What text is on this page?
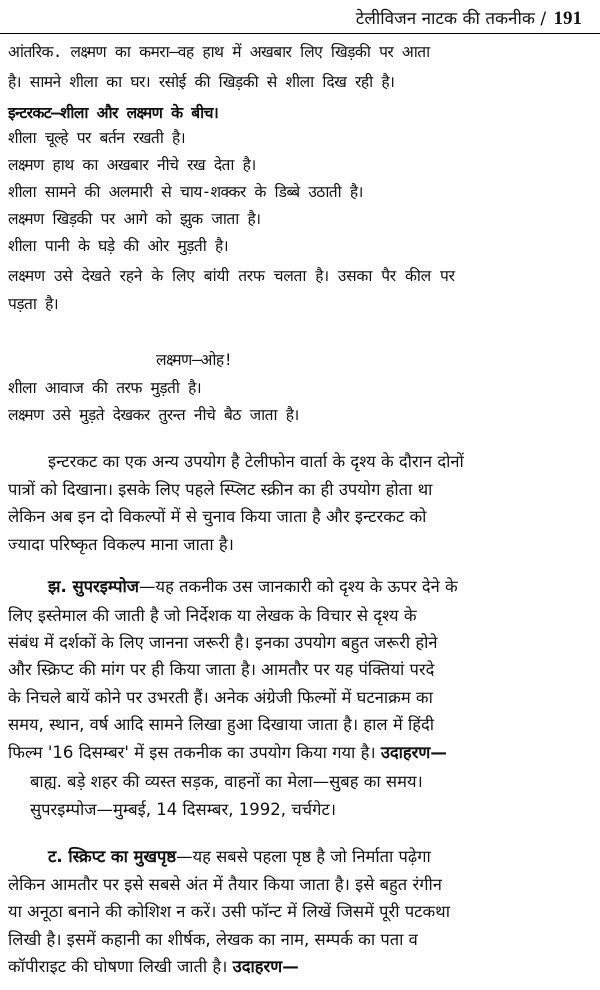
टेलीविजन नाटक की तकनीक / 191
आंतरिक. लक्ष्मण का कमरा—वह हाथ में अखबार लिए खिड़की पर आता
है। सामने शीला का घर। रसोई की खिड़की से शीला दिख रही है।
इन्टरकट—शीला और लक्ष्मण के बीच।
शीला चूल्हे पर बर्तन रखती है।
लक्ष्मण हाथ का अखबार नीचे रख देता है।
शीला सामने की अलमारी से चाय-शक्कर के डिब्बे उठाती है।
लक्ष्मण खिड़की पर आगे को झुक जाता है।
शीला पानी के घड़े की ओर मुड़ती है।
लक्ष्मण उसे देखते रहने के लिए बांयी तरफ चलता है। उसका पैर कील पर
पड़ता है।
लक्ष्मण—ओह!
शीला आवाज की तरफ मुड़ती है।
लक्ष्मण उसे मुड़ते देखकर तुरन्त नीचे बैठ जाता है।
इन्टरकट का एक अन्य उपयोग है टेलीफोन वार्ता के दृश्य के दौरान दोनों
पात्रों को दिखाना। इसके लिए पहले स्प्लिट स्क्रीन का ही उपयोग होता था
लेकिन अब इन दो विकल्पों में से चुनाव किया जाता है और इन्टरकट को
ज्यादा परिष्कृत विकल्प माना जाता है।
झ. सुपरइम्पोज—यह तकनीक उस जानकारी को दृश्य के ऊपर देने के
लिए इस्तेमाल की जाती है जो निर्देशक या लेखक के विचार से दृश्य के
संबंध में दर्शकों के लिए जानना जरूरी है। इनका उपयोग बहुत जरूरी होने
और स्क्रिप्ट की मांग पर ही किया जाता है। आमतौर पर यह पंक्तियां परदे
के निचले बायें कोने पर उभरती हैं। अनेक अंग्रेजी फिल्मों में घटनाक्रम का
समय, स्थान, वर्ष आदि सामने लिखा हुआ दिखाया जाता है। हाल में हिंदी
फिल्म '16 दिसम्बर' में इस तकनीक का उपयोग किया गया है। उदाहरण—
बाह्य. बड़े शहर की व्यस्त सड़क, वाहनों का मेला—सुबह का समय।
सुपरइम्पोज—मुम्बई, 14 दिसम्बर, 1992, चर्चगेट।
ट. स्क्रिप्ट का मुखपृष्ठ—यह सबसे पहला पृष्ठ है जो निर्माता पढ़ेगा
लेकिन आमतौर पर इसे सबसे अंत में तैयार किया जाता है। इसे बहुत रंगीन
या अनूठा बनाने की कोशिश न करें। उसी फॉन्ट में लिखें जिसमें पूरी पटकथा
लिखी है। इसमें कहानी का शीर्षक, लेखक का नाम, सम्पर्क का पता व
कॉपीराइट की घोषणा लिखी जाती है। उदाहरण—
